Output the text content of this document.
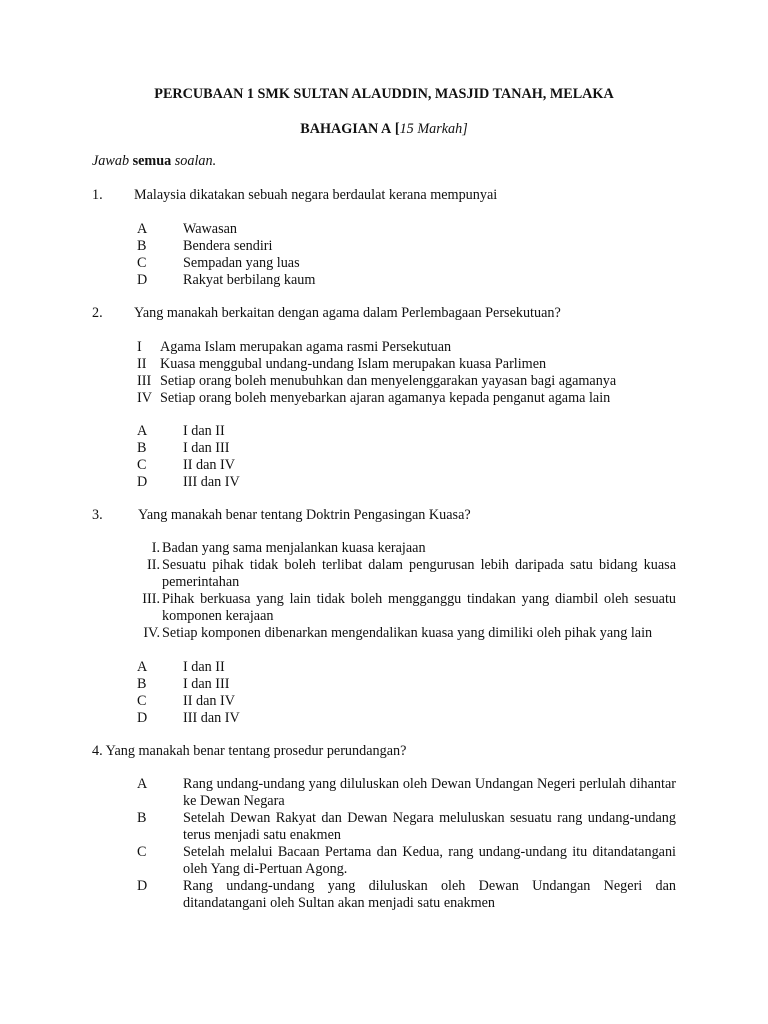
PERCUBAAN 1 SMK SULTAN ALAUDDIN, MASJID TANAH, MELAKA
BAHAGIAN A [15 Markah]
Jawab semua soalan.
1. Malaysia dikatakan sebuah negara berdaulat kerana mempunyai
A	Wawasan
B	Bendera sendiri
C	Sempadan yang luas
D	Rakyat berbilang kaum
2. Yang manakah berkaitan dengan agama dalam Perlembagaan Persekutuan?
I Agama Islam merupakan agama rasmi Persekutuan
II Kuasa menggubal undang-undang Islam merupakan kuasa Parlimen
III Setiap orang boleh menubuhkan dan menyelenggarakan yayasan bagi agamanya
IV Setiap orang boleh menyebarkan ajaran agamanya kepada penganut agama lain
A	I dan II
B	I dan III
C	II dan IV
D	III dan IV
3. Yang manakah benar tentang Doktrin Pengasingan Kuasa?
I. Badan yang sama menjalankan kuasa kerajaan
II. Sesuatu pihak tidak boleh terlibat dalam pengurusan lebih daripada satu bidang kuasa pemerintahan
III. Pihak berkuasa yang lain tidak boleh mengganggu tindakan yang diambil oleh sesuatu komponen kerajaan
IV. Setiap komponen dibenarkan mengendalikan kuasa yang dimiliki oleh pihak yang lain
A	I dan II
B	I dan III
C	II dan IV
D	III dan IV
4. Yang manakah benar tentang prosedur perundangan?
A	Rang undang-undang yang diluluskan oleh Dewan Undangan Negeri perlulah dihantar ke Dewan Negara
B	Setelah Dewan Rakyat dan Dewan Negara meluluskan sesuatu rang undang-undang terus menjadi satu enakmen
C	Setelah melalui Bacaan Pertama dan Kedua, rang undang-undang itu ditandatangani oleh Yang di-Pertuan Agong.
D	Rang undang-undang yang diluluskan oleh Dewan Undangan Negeri dan ditandatangani oleh Sultan akan menjadi satu enakmen
